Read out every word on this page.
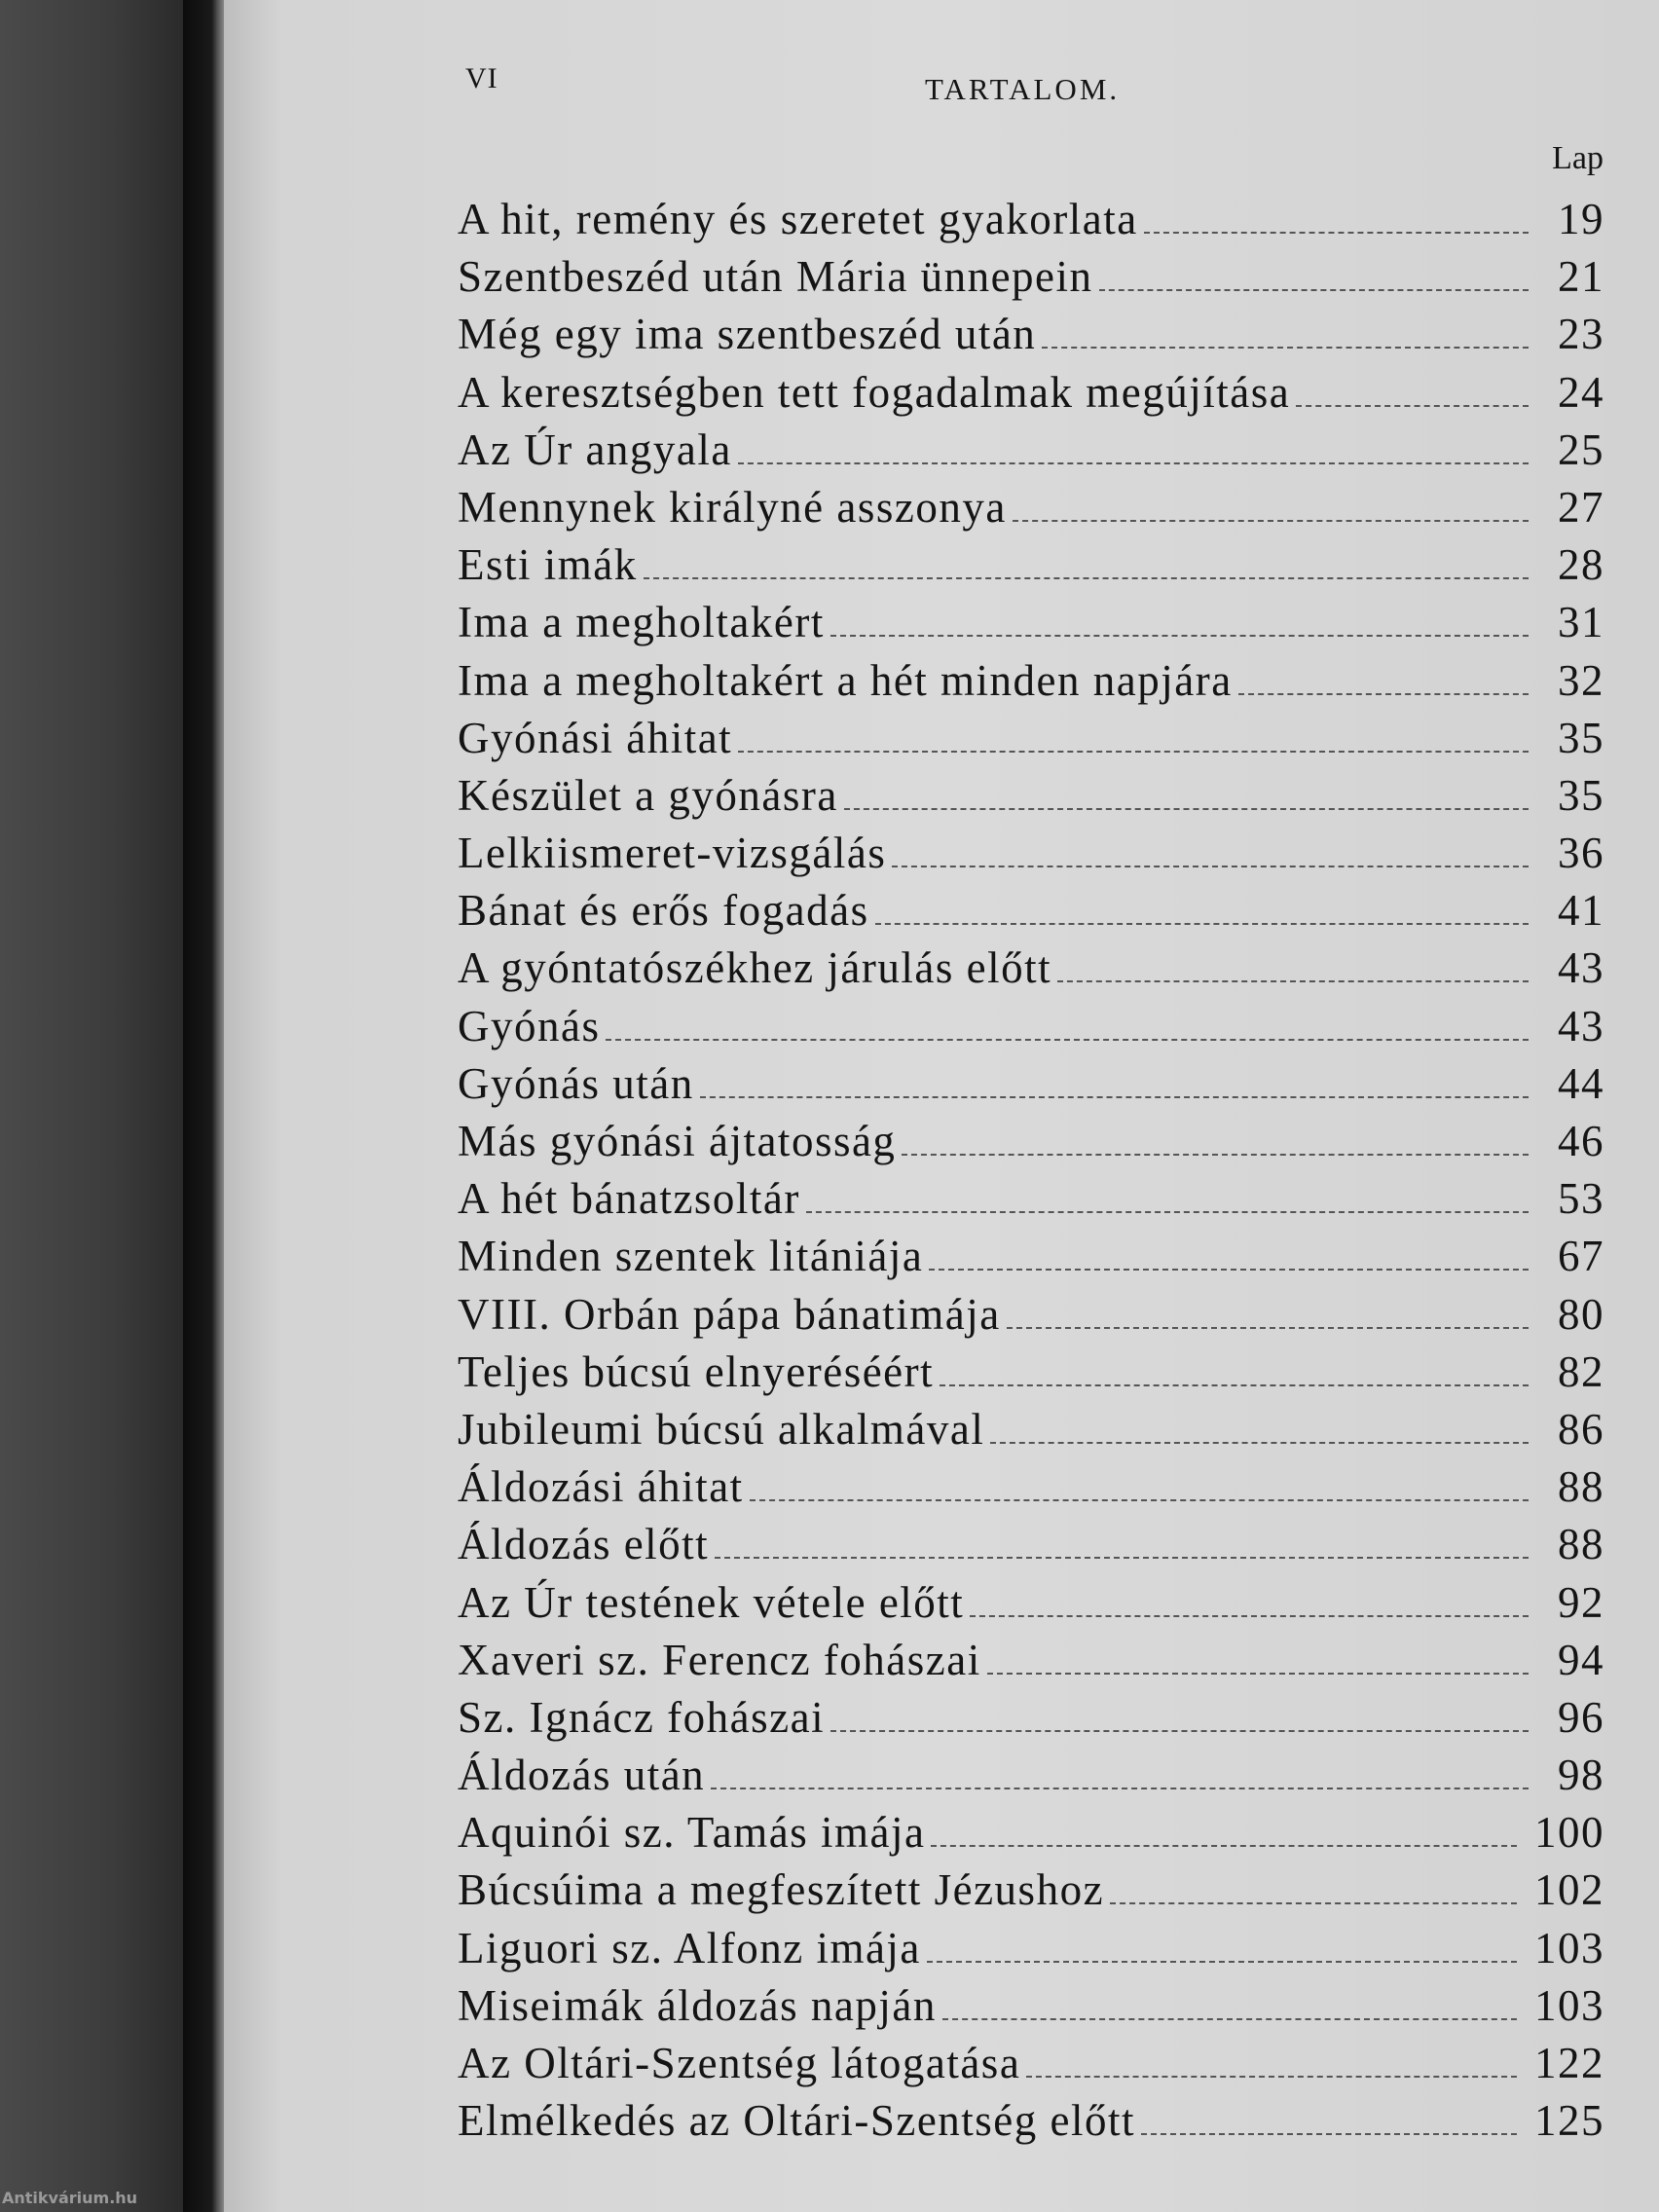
VI	TARTALOM.
Lap
A hit, remény és szeretet gyakorlata	19
Szentbeszéd után Mária ünnepein	21
Még egy ima szentbeszéd után	23
A keresztségben tett fogadalmak megújítása	24
Az Úr angyala	25
Mennynek királyné asszonya	27
Esti imák	28
Ima a megholtakért	31
Ima a megholtakért a hét minden napjára	32
Gyónási áhitat	35
Készület a gyónásra	35
Lelkiismeret-vizsgálás	36
Bánat és erős fogadás	41
A gyóntatószékhez járulás előtt	43
Gyónás	43
Gyónás után	44
Más gyónási ájtatosság	46
A hét bánatzsoltár	53
Minden szentek litániája	67
VIII. Orbán pápa bánatimája	80
Teljes búcsú elnyeréséért	82
Jubileumi búcsú alkalmával	86
Áldozási áhitat	88
Áldozás előtt	88
Az Úr testének vétele előtt	92
Xaveri sz. Ferencz fohászai	94
Sz. Ignácz fohászai	96
Áldozás után	98
Aquinói sz. Tamás imája	100
Búcsúima a megfeszített Jézushoz	102
Liguori sz. Alfonz imája	103
Miseimák áldozás napján	103
Az Oltári-Szentség látogatása	122
Elmélkedés az Oltári-Szentség előtt	125
Antikvárium.hu
